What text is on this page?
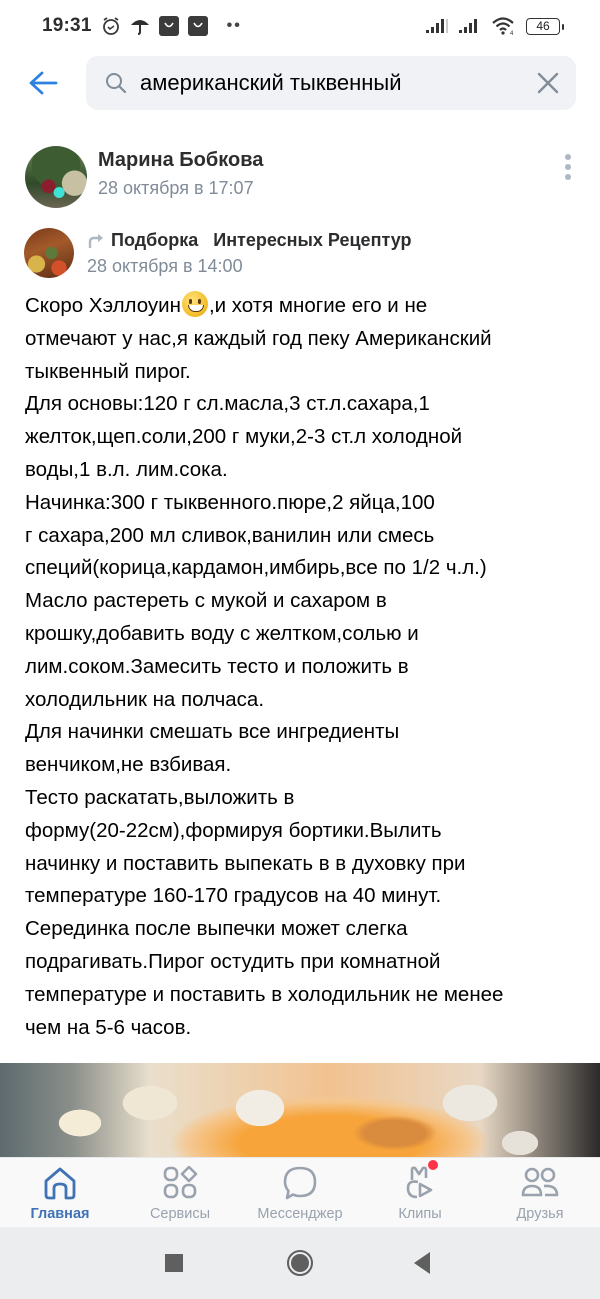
19:31	••	4
46
американский тыквенный
Марина Бобкова
28 октября в 17:07
Подборка   Интересных Рецептур
28 октября в 14:00

Скоро Хэллоуин ,и хотя многие его и не

отмечают у нас,я каждый год пеку Американский

тыквенный пирог.

Для основы:120 г сл.масла,3 ст.л.сахара,1

желток,щеп.соли,200 г муки,2-3 ст.л холодной

воды,1 в.л. лим.сока.

Начинка:300 г тыквенного.пюре,2 яйца,100

г сахара,200 мл сливок,ванилин или смесь

специй(корица,кардамон,имбирь,все по 1/2 ч.л.)

Масло растереть с мукой и сахаром в

крошку,добавить воду с желтком,солью и

лим.соком.Замесить тесто и положить в

холодильник на полчаса.

Для начинки смешать все ингредиенты

венчиком,не взбивая.

Тесто раскатать,выложить в

форму(20-22см),формируя бортики.Вылить

начинку и поставить выпекать в в духовку при

температуре 160-170 градусов на 40 минут.

Серединка после выпечки может слегка

подрагивать.Пирог остудить при комнатной

температуре и поставить в холодильник не менее

чем на 5-6 часов.

Главная	Сервисы	Мессенджер	Клипы	Друзья
